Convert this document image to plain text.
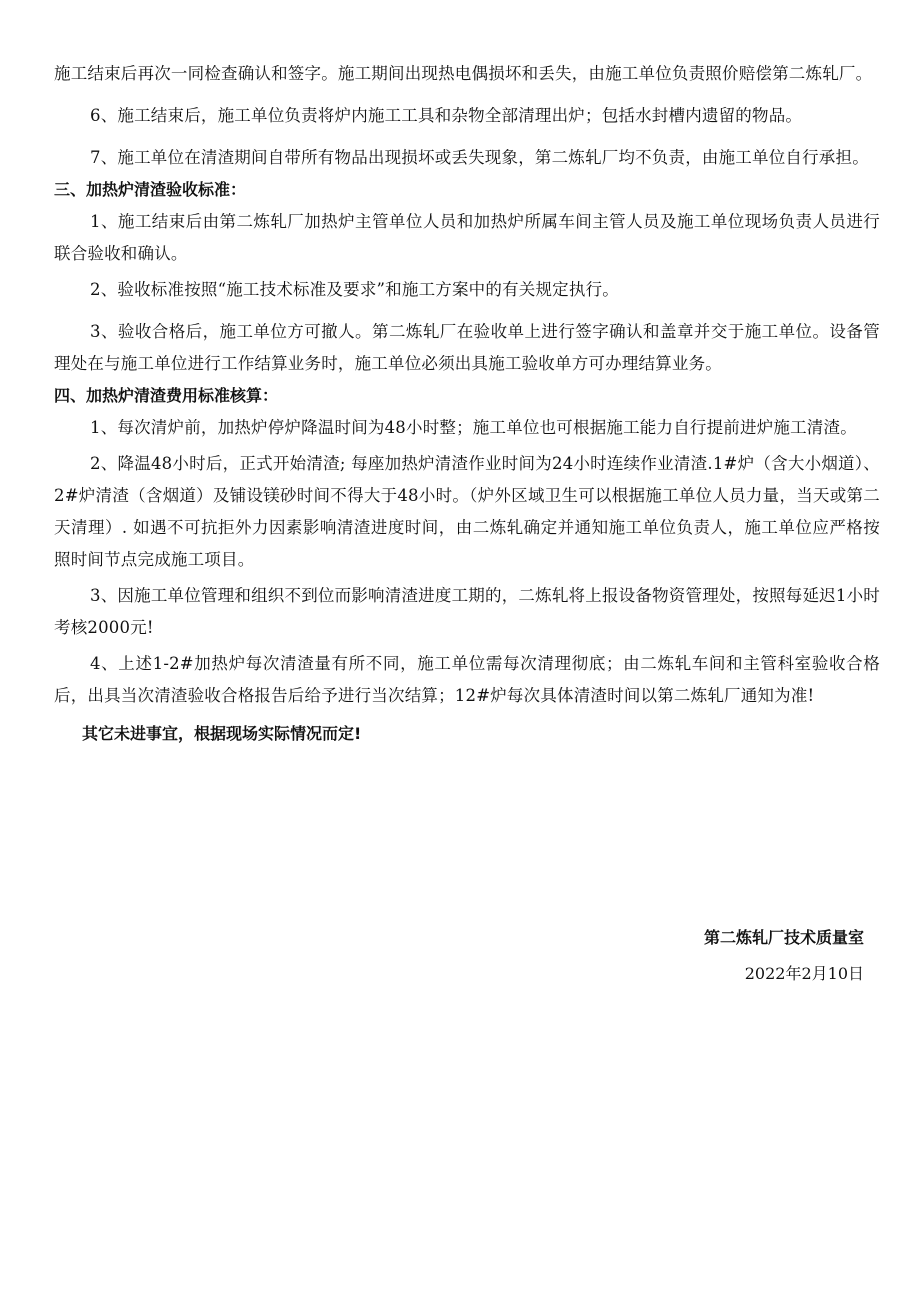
施工结束后再次一同检查确认和签字。施工期间出现热电偶损坏和丢失，由施工单位负责照价赔偿第二炼轧厂。

6、施工结束后，施工单位负责将炉内施工工具和杂物全部清理出炉；包括水封槽内遗留的物品。

7、施工单位在清渣期间自带所有物品出现损坏或丢失现象，第二炼轧厂均不负责，由施工单位自行承担。

三、加热炉清渣验收标准：

1、施工结束后由第二炼轧厂加热炉主管单位人员和加热炉所属车间主管人员及施工单位现场负责人员进行联合验收和确认。

2、验收标准按照“施工技术标准及要求”和施工方案中的有关规定执行。

3、验收合格后，施工单位方可撤人。第二炼轧厂在验收单上进行签字确认和盖章并交于施工单位。设备管理处在与施工单位进行工作结算业务时，施工单位必须出具施工验收单方可办理结算业务。

四、加热炉清渣费用标准核算：

1、每次清炉前，加热炉停炉降温时间为48小时整；施工单位也可根据施工能力自行提前进炉施工清渣。

2、降温48小时后，正式开始清渣; 每座加热炉清渣作业时间为24小时连续作业清渣.1#炉（含大小烟道）、2#炉清渣（含烟道）及铺设镁砂时间不得大于48小时。（炉外区域卫生可以根据施工单位人员力量，当天或第二天清理）. 如遇不可抗拒外力因素影响清渣进度时间，由二炼轧确定并通知施工单位负责人，施工单位应严格按照时间节点完成施工项目。

3、因施工单位管理和组织不到位而影响清渣进度工期的，二炼轧将上报设备物资管理处，按照每延迟1小时考核2000元!

4、上述1-2#加热炉每次清渣量有所不同，施工单位需每次清理彻底；由二炼轧车间和主管科室验收合格后，出具当次清渣验收合格报告后给予进行当次结算；12#炉每次具体清渣时间以第二炼轧厂通知为准!

其它未进事宜，根据现场实际情况而定!

第二炼轧厂技术质量室

2022年2月10日
